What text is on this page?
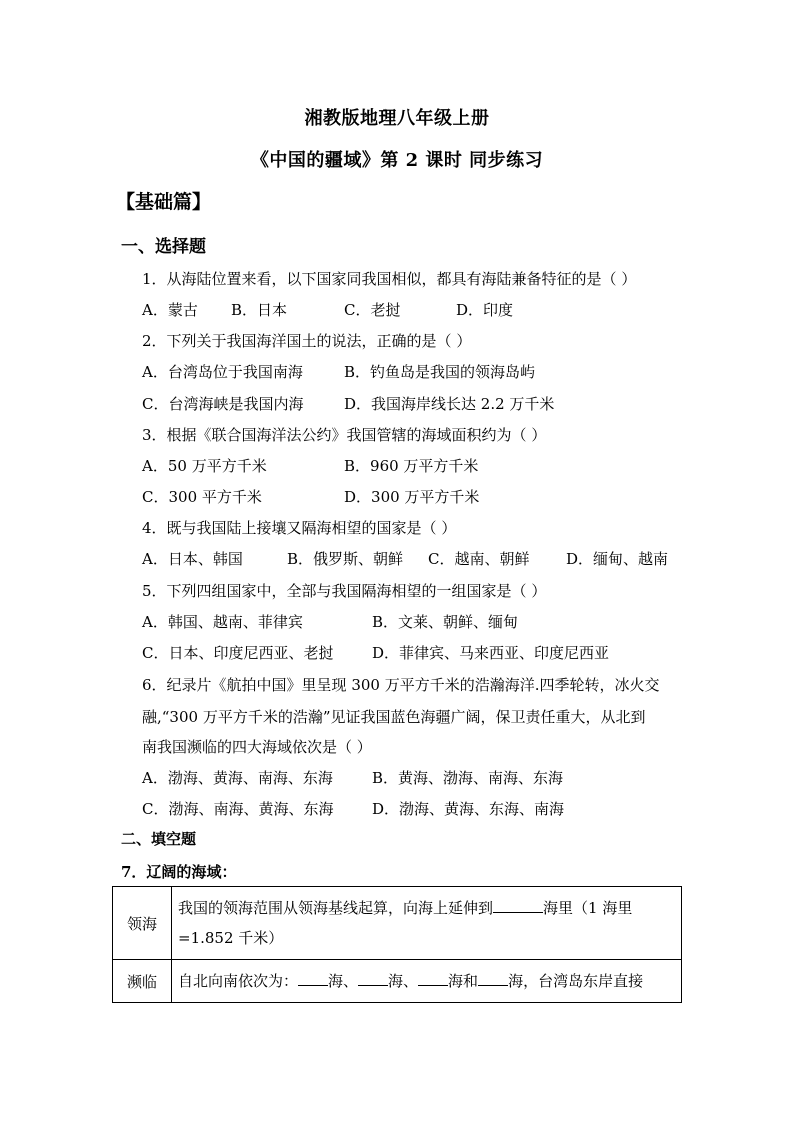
湘教版地理八年级上册
《中国的疆域》第 2 课时 同步练习
【基础篇】
一、选择题
1．从海陆位置来看，以下国家同我国相似，都具有海陆兼备特征的是（ ）
A．蒙古 B．日本	C．老挝	D．印度
2．下列关于我国海洋国土的说法，正确的是（ ）
A．台湾岛位于我国南海	B．钓鱼岛是我国的领海岛屿
C．台湾海峡是我国内海	D．我国海岸线长达 2.2 万千米
3．根据《联合国海洋法公约》我国管辖的海域面积约为（ ）
A．50 万平方千米	B．960 万平方千米
C．300 平方千米	D．300 万平方千米
4．既与我国陆上接壤又隔海相望的国家是（ ）
A．日本、韩国	B．俄罗斯、朝鲜 C．越南、朝鲜 D．缅甸、越南
5．下列四组国家中，全部与我国隔海相望的一组国家是（ ）
A．韩国、越南、菲律宾	B．文莱、朝鲜、缅甸
C．日本、印度尼西亚、老挝	D．菲律宾、马来西亚、印度尼西亚
6．纪录片《航拍中国》里呈现 300 万平方千米的浩瀚海洋.四季轮转，冰火交
融,“300 万平方千米的浩瀚”见证我国蓝色海疆广阔，保卫责任重大，从北到
南我国濒临的四大海域依次是（ ）
A．渤海、黄海、南海、东海	B．黄海、渤海、南海、东海
C．渤海、南海、黄海、东海	D．渤海、黄海、东海、南海
二、填空题
7．辽阔的海域：
领海	我国的领海范围从领海基线起算，向海上延伸到 海里（1 海里=1.852 千米）
濒临	自北向南依次为： 海、 海、 海和 海，台湾岛东岸直接
